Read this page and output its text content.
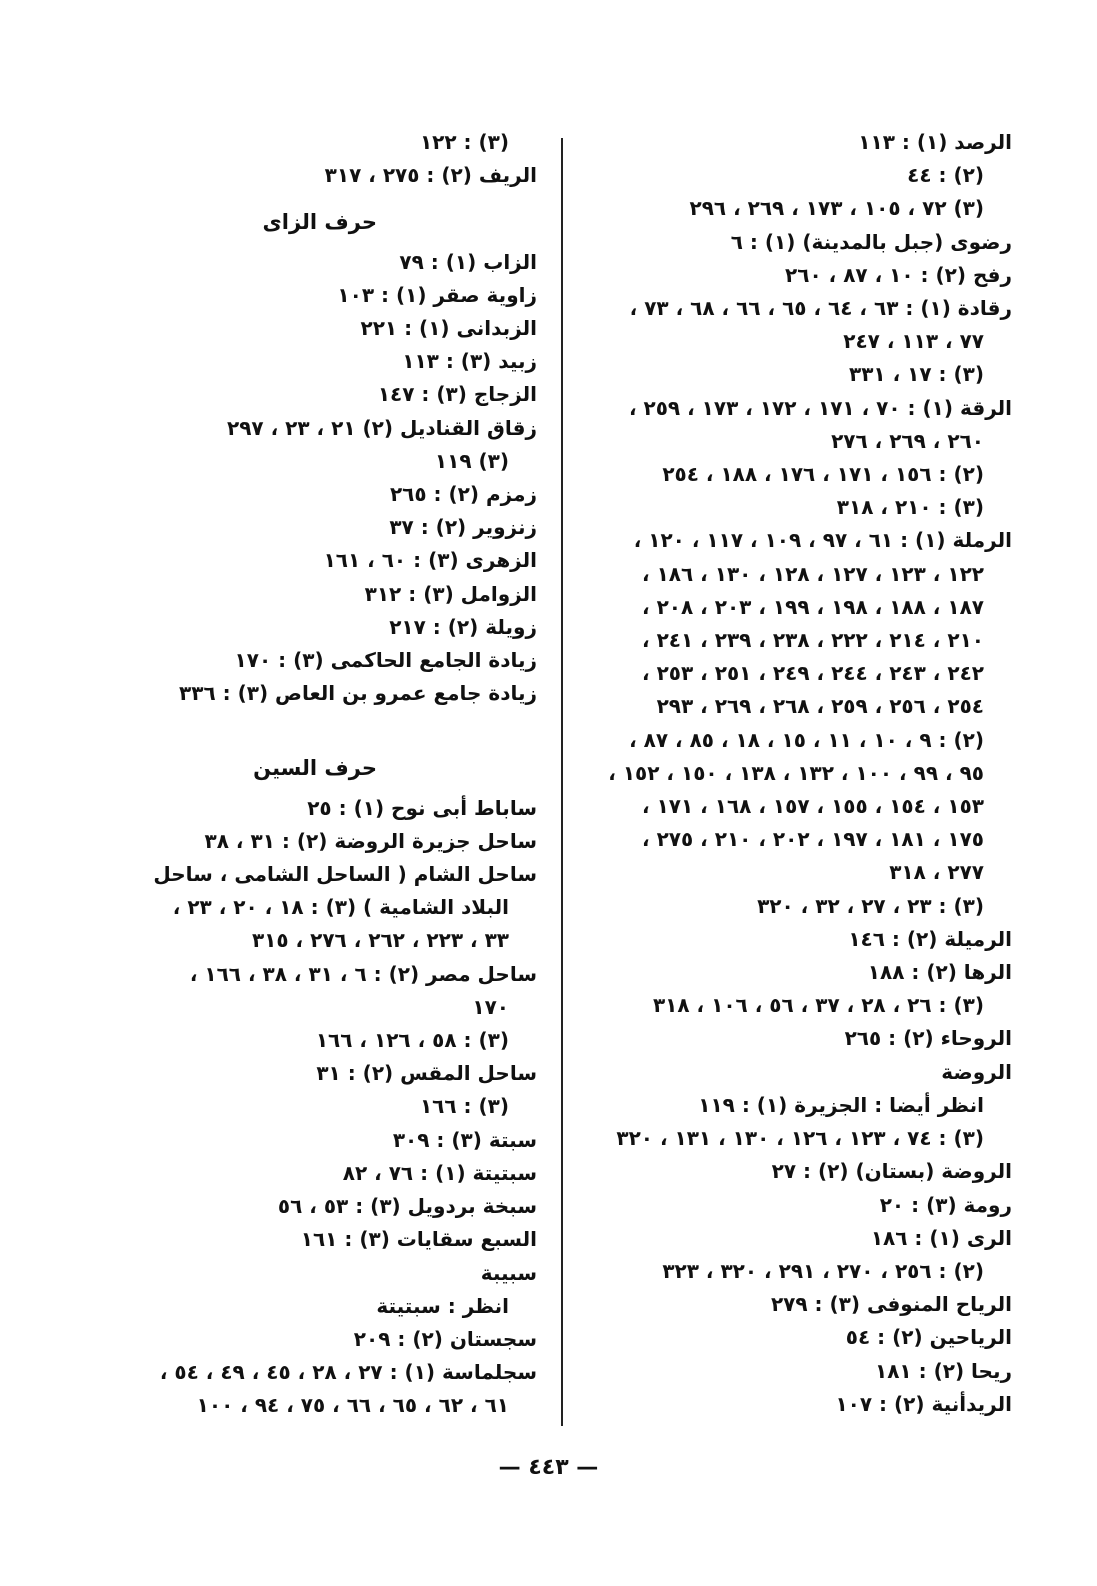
الرصد (١) : ١١٣
(٢) : ٤٤
(٣) ٧٢ ، ١٠٥ ، ١٧٣ ، ٢٦٩ ، ٢٩٦
رضوى (جبل بالمدينة) (١) : ٦
رفح (٢) : ١٠ ، ٨٧ ، ٢٦٠
رقادة (١) : ٦٣ ، ٦٤ ، ٦٥ ، ٦٦ ، ٦٨ ، ٧٣ ،
٧٧ ، ١١٣ ، ٢٤٧
(٣) : ١٧ ، ٣٣١
الرقة (١) : ٧٠ ، ١٧١ ، ١٧٢ ، ١٧٣ ، ٢٥٩ ،
٢٦٠ ، ٢٦٩ ، ٢٧٦
(٢) : ١٥٦ ، ١٧١ ، ١٧٦ ، ١٨٨ ، ٢٥٤
(٣) : ٢١٠ ، ٣١٨
الرملة (١) : ٦١ ، ٩٧ ، ١٠٩ ، ١١٧ ، ١٢٠ ،
١٢٢ ، ١٢٣ ، ١٢٧ ، ١٢٨ ، ١٣٠ ، ١٨٦ ،
١٨٧ ، ١٨٨ ، ١٩٨ ، ١٩٩ ، ٢٠٣ ، ٢٠٨ ،
٢١٠ ، ٢١٤ ، ٢٢٢ ، ٢٣٨ ، ٢٣٩ ، ٢٤١ ،
٢٤٢ ، ٢٤٣ ، ٢٤٤ ، ٢٤٩ ، ٢٥١ ، ٢٥٣ ،
٢٥٤ ، ٢٥٦ ، ٢٥٩ ، ٢٦٨ ، ٢٦٩ ، ٢٩٣
(٢) : ٩ ، ١٠ ، ١١ ، ١٥ ، ١٨ ، ٨٥ ، ٨٧ ،
٩٥ ، ٩٩ ، ١٠٠ ، ١٣٢ ، ١٣٨ ، ١٥٠ ، ١٥٢ ،
١٥٣ ، ١٥٤ ، ١٥٥ ، ١٥٧ ، ١٦٨ ، ١٧١ ،
١٧٥ ، ١٨١ ، ١٩٧ ، ٢٠٢ ، ٢١٠ ، ٢٧٥ ،
٢٧٧ ، ٣١٨
(٣) : ٢٣ ، ٢٧ ، ٣٢ ، ٣٢٠
الرميلة (٢) : ١٤٦
الرها (٢) : ١٨٨
(٣) : ٢٦ ، ٢٨ ، ٣٧ ، ٥٦ ، ١٠٦ ، ٣١٨
الروحاء (٢) : ٢٦٥
الروضة
انظر أيضا : الجزيرة (١) : ١١٩
(٣) : ٧٤ ، ١٢٣ ، ١٢٦ ، ١٣٠ ، ١٣١ ، ٣٢٠
الروضة (بستان) (٢) : ٢٧
رومة (٣) : ٢٠
الرى (١) : ١٨٦
(٢) : ٢٥٦ ، ٢٧٠ ، ٢٩١ ، ٣٢٠ ، ٣٢٣
الرياح المنوفى (٣) : ٢٧٩
الرياحين (٢) : ٥٤
ريحا (٢) : ١٨١
الريدأنية (٢) : ١٠٧
(٣) : ١٢٢
الريف (٢) : ٢٧٥ ، ٣١٧
حرف الزاى
الزاب (١) : ٧٩
زاوية صقر (١) : ١٠٣
الزبدانى (١) : ٢٢١
زبيد (٣) : ١١٣
الزجاج (٣) : ١٤٧
زقاق القناديل (٢) ٢١ ، ٢٣ ، ٢٩٧
(٣) ١١٩
زمزم (٢) : ٢٦٥
زنزوير (٢) : ٣٧
الزهرى (٣) : ٦٠ ، ١٦١
الزوامل (٣) : ٣١٢
زويلة (٢) : ٢١٧
زيادة الجامع الحاكمى (٣) : ١٧٠
زيادة جامع عمرو بن العاص (٣) : ٣٣٦
حرف السين
ساباط أبى نوح (١) : ٢٥
ساحل جزيرة الروضة (٢) : ٣١ ، ٣٨
ساحل الشام ( الساحل الشامى ، ساحل
البلاد الشامية ) (٣) : ١٨ ، ٢٠ ، ٢٣ ،
٣٣ ، ٢٢٣ ، ٢٦٢ ، ٢٧٦ ، ٣١٥
ساحل مصر (٢) : ٦ ، ٣١ ، ٣٨ ، ١٦٦ ،
١٧٠
(٣) : ٥٨ ، ١٢٦ ، ١٦٦
ساحل المقس (٢) : ٣١
(٣) : ١٦٦
سبتة (٣) : ٣٠٩
سبتيتة (١) : ٧٦ ، ٨٢
سبخة بردويل (٣) : ٥٣ ، ٥٦
السبع سقايات (٣) : ١٦١
سبيبة
انظر : سبتيتة
سجستان (٢) : ٢٠٩
سجلماسة (١) : ٢٧ ، ٢٨ ، ٤٥ ، ٤٩ ، ٥٤ ،
٦١ ، ٦٢ ، ٦٥ ، ٦٦ ، ٧٥ ، ٩٤ ، ١٠٠
— ٤٤٣ —
